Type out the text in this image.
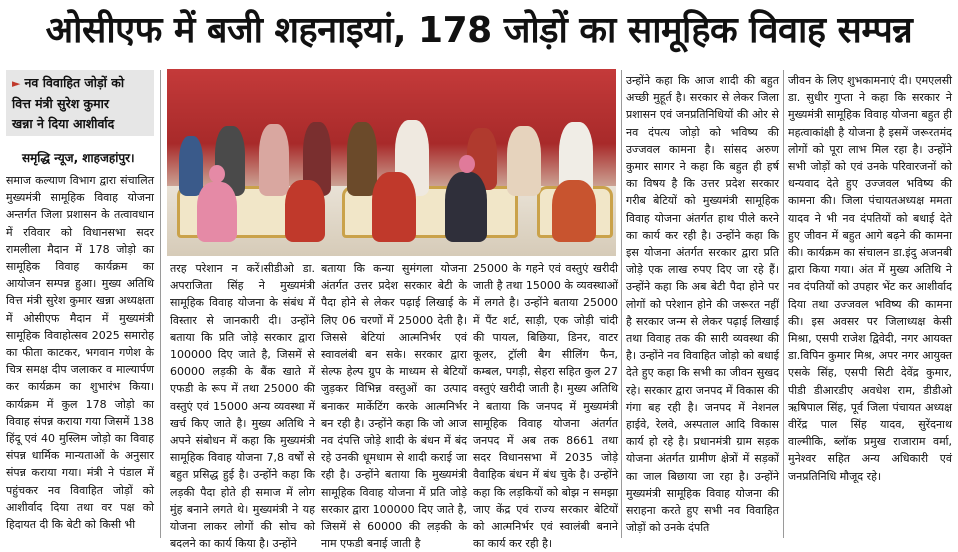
ओसीएफ में बजी शहनाइयां, 178 जोड़ों का सामूहिक विवाह सम्पन्न
► नव विवाहित जोड़ों को
वित्त मंत्री सुरेश कुमार
खन्ना ने दिया आशीर्वाद
समृद्धि न्यूज, शाहजहांपुर।

समाज कल्याण विभाग द्वारा संचालित मुख्यमंत्री सामूहिक विवाह योजना अन्तर्गत जिला प्रशासन के तत्वावधान में रविवार को विधानसभा सदर रामलीला मैदान में 178 जोड़ो का सामूहिक विवाह कार्यक्रम का आयोजन सम्पन्न हुआ। मुख्य अतिथि वित्त मंत्री सुरेश कुमार खन्ना अध्यक्षता में ओसीएफ मैदान में मुख्यमंत्री सामूहिक विवाहोत्सव 2025 समारोह का फीता काटकर, भगवान गणेश के चित्र समक्ष दीप जलाकर व माल्यार्पण कर कार्यक्रम का शुभारंभ किया। कार्यक्रम में कुल 178 जोड़ो का विवाह संपन्न कराया गया जिसमें 138 हिंदू एवं 40 मुस्लिम जोड़ो का विवाह संपन्न धार्मिक मान्यताओं के अनुसार संपन्न कराया गया। मंत्री ने पंडाल में पहुंचकर नव विवाहित जोड़ों को आशीर्वाद दिया तथा वर पक्ष को हिदायत दी कि बेटी को किसी भी

तरह परेशान न करें।सीडीओ डा. अपराजिता सिंह ने मुख्यमंत्री सामूहिक विवाह योजना के संबंध में विस्तार से जानकारी दी। उन्होंने बताया कि प्रति जोड़े सरकार द्वारा 100000 दिए जाते है, जिसमें से 60000 लड़की के बैंक खाते में एफडी के रूप में तथा 25000 की वस्तुएं एवं 15000 अन्य व्यवस्था में खर्च किए जाते है। मुख्य अतिथि ने अपने संबोधन में कहा कि मुख्यमंत्री सामूहिक विवाह योजना 7,8 वर्षों से बहुत प्रसिद्ध हुई है। उन्होंने कहा कि लड़की पैदा होते ही समाज में लोग मुंह बनाने लगते थे। मुख्यमंत्री ने यह योजना लाकर लोगों की सोच को बदलने का कार्य किया है। उन्होंने

बताया कि कन्या सुमंगला योजना अंतर्गत उत्तर प्रदेश सरकार बेटी के पैदा होने से लेकर पढ़ाई लिखाई के लिए 06 चरणों में 25000 देती है। जिससे बेटियां आत्मनिर्भर एवं स्वावलंबी बन सके। सरकार द्वारा सेल्फ हेल्प ग्रुप के माध्यम से बेटियों जुड़कर विभिन्न वस्तुओं का उत्पाद बनाकर मार्केटिंग करके आत्मनिर्भर बन रही है। उन्होंने कहा कि जो आज नव दंपत्ति जोड़े शादी के बंधन में बंद रहे उनकी धूमधाम से शादी कराई जा रही है। उन्होंने बताया कि मुख्यमंत्री सामूहिक विवाह योजना में प्रति जोड़े सरकार द्वारा 100000 दिए जाते है, जिसमें से 60000 की लड़की के नाम एफडी बनाई जाती है

25000 के गहने एवं वस्तुएं खरीदी जाती है तथा 15000 के व्यवस्थाओं में लगते है। उन्होंने बताया 25000 में पैंट शर्ट, साड़ी, एक जोड़ी चांदी की पायल, बिछिया, डिनर, वाटर कूलर, ट्रॉली बैग सीलिंग फैन, कम्बल, पगड़ी, सेहरा सहित कुल 27 वस्तुएं खरीदी जाती है। मुख्य अतिथि ने बताया कि जनपद में मुख्यमंत्री सामूहिक विवाह योजना अंतर्गत जनपद में अब तक 8661 तथा सदर विधानसभा में 2035 जोड़े वैवाहिक बंधन में बंध चुके है। उन्होंने कहा कि लड़कियों को बोझ न समझा जाए केंद्र एवं राज्य सरकार बेटियों को आत्मनिर्भर एवं स्वालंबी बनाने का कार्य कर रही है।

उन्होंने कहा कि आज शादी की बहुत अच्छी मुहूर्त है। सरकार से लेकर जिला प्रशासन एवं जनप्रतिनिधियों की ओर से नव दंपत्य जोड़ो को भविष्य की उज्जवल कामना है। सांसद अरुण कुमार सागर ने कहा कि बहुत ही हर्ष का विषय है कि उत्तर प्रदेश सरकार गरीब बेटियों को मुख्यमंत्री सामूहिक विवाह योजना अंतर्गत हाथ पीले करने का कार्य कर रही है। उन्होंने कहा कि इस योजना अंतर्गत सरकार द्वारा प्रति जोड़े एक लाख रुपए दिए जा रहे हैं। उन्होंने कहा कि अब बेटी पैदा होने पर लोगों को परेशान होने की जरूरत नहीं है सरकार जन्म से लेकर पढ़ाई लिखाई तथा विवाह तक की सारी व्यवस्था की है। उन्होंने नव विवाहित जोड़ो को बधाई देते हुए कहा कि सभी का जीवन सुखद रहे। सरकार द्वारा जनपद में विकास की गंगा बह रही है। जनपद में नेशनल हाईवे, रेलवे, अस्पताल आदि विकास कार्य हो रहे है। प्रधानमंत्री ग्राम सड़क योजना अंतर्गत ग्रामीण क्षेत्रों में सड़कों का जाल बिछाया जा रहा है। उन्होंने मुख्यमंत्री सामूहिक विवाह योजना की सराहना करते हुए सभी नव विवाहित जोड़ों को उनके दंपति

जीवन के लिए शुभकामनाएं दी। एमएलसी डा. सुधीर गुप्ता ने कहा कि सरकार ने मुख्यमंत्री सामूहिक विवाह योजना बहुत ही महत्वाकांक्षी है योजना है इसमें जरूरतमंद लोगों को पूरा लाभ मिल रहा है। उन्होंने सभी जोड़ों को एवं उनके परिवारजनों को धन्यवाद देते हुए उज्जवल भविष्य की कामना की। जिला पंचायतअध्यक्ष ममता यादव ने भी नव दंपतियों को बधाई देते हुए जीवन में बहुत आगे बढ़ने की कामना की। कार्यक्रम का संचालन डा.इंदु अजनबी द्वारा किया गया। अंत में मुख्य अतिथि ने नव दंपतियों को उपहार भेंट कर आशीर्वाद दिया तथा उज्जवल भविष्य की कामना की। इस अवसर पर जिलाध्यक्ष केसी मिश्रा, एसपी राजेश द्विवेदी, नगर आयक्त डा.विपिन कुमार मिश्र, अपर नगर आयुक्त एसके सिंह, एसपी सिटी देवेंद्र कुमार, पीडी डीआरडीए अवधेश राम, डीडीओ ऋषिपाल सिंह, पूर्व जिला पंचायत अध्यक्ष वीरेंद्र पाल सिंह यादव, सुरेंदनाथ वाल्मीकि, ब्लॉक प्रमुख राजाराम वर्मा, मुनेश्वर सहित अन्य अधिकारी एवं जनप्रतिनिधि मौजूद रहे।
